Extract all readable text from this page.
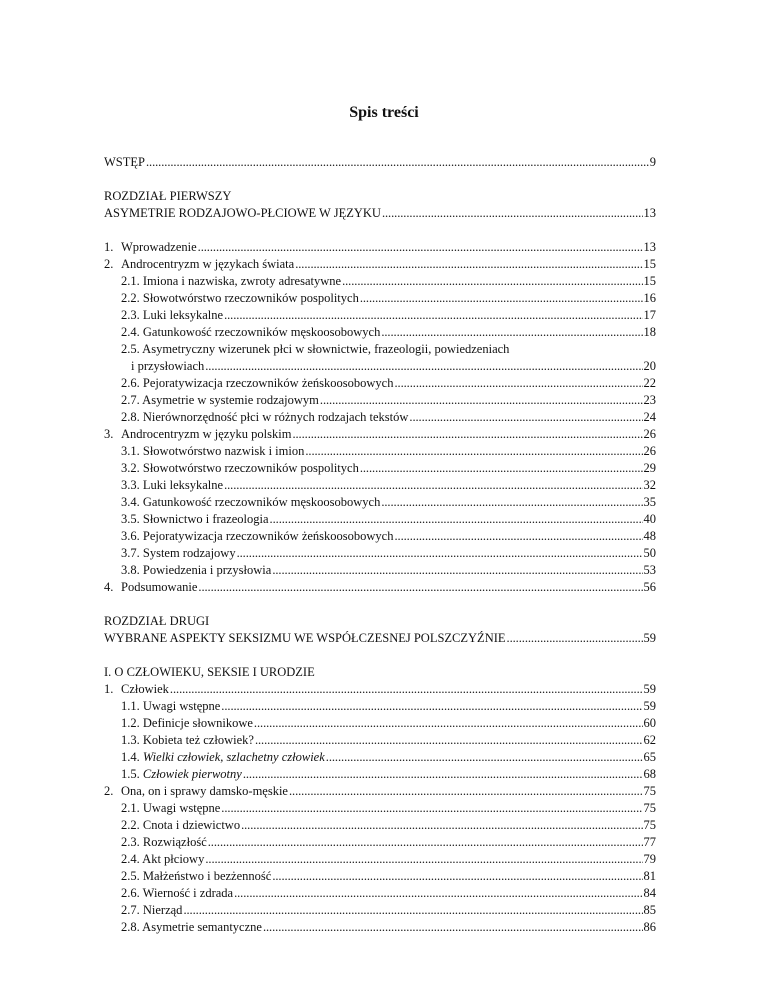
Spis treści
WSTĘP . . .	9
ROZDZIAŁ PIERWSZY
ASYMETRIE RODZAJOWO-PŁCIOWE W JĘZYKU . . .	13
1. Wprowadzenie . . .	13
2. Androcentryzm w językach świata . . .	15
2.1. Imiona i nazwiska, zwroty adresatywne . . .	15
2.2. Słowotwórstwo rzeczowników pospolitych . . .	16
2.3. Luki leksykalne . . .	17
2.4. Gatunkowość rzeczowników męskoosobowych . . .	18
2.5. Asymetryczny wizerunek płci w słownictwie, frazeologii, powiedzeniach
i przysłowiach . . .	20
2.6. Pejoratywizacja rzeczowników żeńskoosobowych . . .	22
2.7. Asymetrie w systemie rodzajowym . . .	23
2.8. Nierównorzędność płci w różnych rodzajach tekstów . . .	24
3. Androcentryzm w języku polskim . . .	26
3.1. Słowotwórstwo nazwisk i imion . . .	26
3.2. Słowotwórstwo rzeczowników pospolitych . . .	29
3.3. Luki leksykalne . . .	32
3.4. Gatunkowość rzeczowników męskoosobowych . . .	35
3.5. Słownictwo i frazeologia . . .	40
3.6. Pejoratywizacja rzeczowników żeńskoosobowych . . .	48
3.7. System rodzajowy . . .	50
3.8. Powiedzenia i przysłowia . . .	53
4. Podsumowanie . . .	56
ROZDZIAŁ DRUGI
WYBRANE ASPEKTY SEKSIZMU WE WSPÓŁCZESNEJ POLSZCZYŹNIE . . .	59
I. O CZŁOWIEKU, SEKSIE I URODZIE
1. Człowiek . . .	59
1.1. Uwagi wstępne . . .	59
1.2. Definicje słownikowe . . .	60
1.3. Kobieta też człowiek? . . .	62
1.4.
Wielki człowiek, szlachetny człowiek . . .	65
1.5.
Człowiek pierwotny . . .	68
2. Ona, on i sprawy damsko-męskie . . .	75
2.1. Uwagi wstępne . . .	75
2.2. Cnota i dziewictwo . . .	75
2.3. Rozwiązłość . . .	77
2.4. Akt płciowy . . .	79
2.5. Małżeństwo i bezżenność . . .	81
2.6. Wierność i zdrada . . .	84
2.7. Nierząd . . .	85
2.8. Asymetrie semantyczne . . .	86
